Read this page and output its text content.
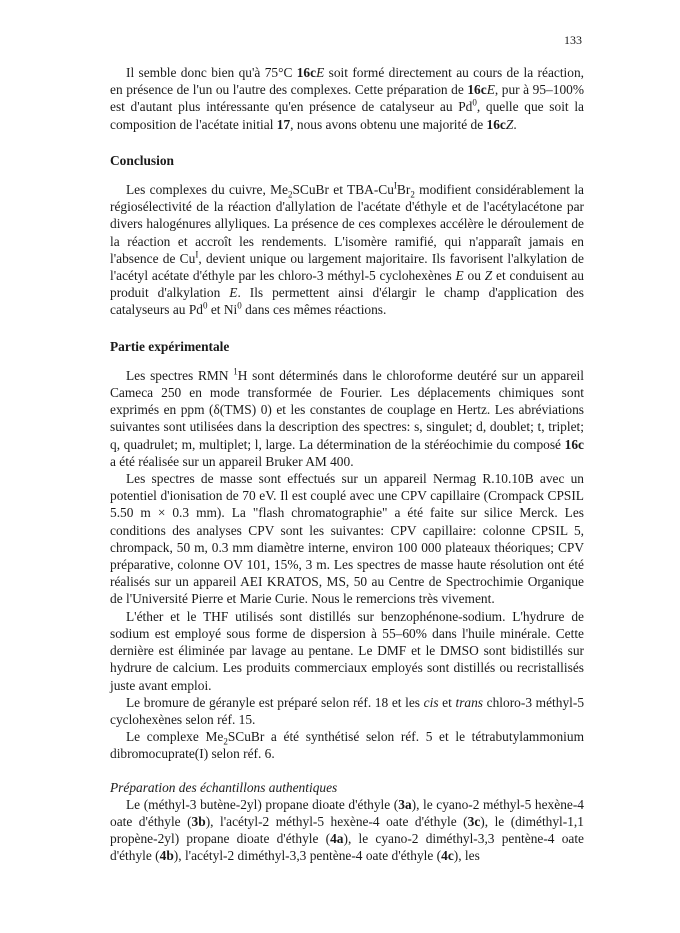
133

Il semble donc bien qu'à 75°C 16cE soit formé directement au cours de la réaction, en présence de l'un ou l'autre des complexes. Cette préparation de 16cE, pur à 95–100% est d'autant plus intéressante qu'en présence de catalyseur au Pd$^0$, quelle que soit la composition de l'acétate initial 17, nous avons obtenu une majorité de 16cZ.

Conclusion

Les complexes du cuivre, $Me_2SCuBr$ et TBA-$Cu^IBr_2$ modifient considérablement la régiosélectivité de la réaction d'allylation de l'acétate d'éthyle et de l'acétylacétone par divers halogénures allyliques. La présence de ces complexes accélère le déroulement de la réaction et accroît les rendements. L'isomère ramifié, qui n'apparaît jamais en l'absence de $Cu^I$, devient unique ou largement majoritaire. Ils favorisent l'alkylation de l'acétyl acétate d'éthyle par les chloro-3 méthyl-5 cyclohexènes E ou Z et conduisent au produit d'alkylation E. Ils permettent ainsi d'élargir le champ d'application des catalyseurs au Pd$^0$ et Ni$^0$ dans ces mêmes réactions.

Partie expérimentale

Les spectres RMN $^1$H sont déterminés dans le chloroforme deutéré sur un appareil Cameca 250 en mode transformée de Fourier. Les déplacements chimiques sont exprimés en ppm (δ(TMS) 0) et les constantes de couplage en Hertz. Les abréviations suivantes sont utilisées dans la description des spectres: s, singulet; d, doublet; t, triplet; q, quadrulet; m, multiplet; l, large. La détermination de la stéréochimie du composé 16c a été réalisée sur un appareil Bruker AM 400.

Les spectres de masse sont effectués sur un appareil Nermag R.10.10B avec un potentiel d'ionisation de 70 eV. Il est couplé avec une CPV capillaire (Crompack CPSIL 5.50 m × 0.3 mm). La "flash chromatographie" a été faite sur silice Merck. Les conditions des analyses CPV sont les suivantes: CPV capillaire: colonne CPSIL 5, chrompack, 50 m, 0.3 mm diamètre interne, environ 100 000 plateaux théoriques; CPV préparative, colonne OV 101, 15%, 3 m. Les spectres de masse haute résolution ont été réalisés sur un appareil AEI KRATOS, MS, 50 au Centre de Spectrochimie Organique de l'Université Pierre et Marie Curie. Nous le remercions très vivement.

L'éther et le THF utilisés sont distillés sur benzophénone-sodium. L'hydrure de sodium est employé sous forme de dispersion à 55–60% dans l'huile minérale. Cette dernière est éliminée par lavage au pentane. Le DMF et le DMSO sont bidistillés sur hydrure de calcium. Les produits commerciaux employés sont distillés ou recristallisés juste avant emploi.

Le bromure de géranyle est préparé selon réf. 18 et les cis et trans chloro-3 méthyl-5 cyclohexènes selon réf. 15.

Le complexe $Me_2SCuBr$ a été synthétisé selon réf. 5 et le tétrabutylammonium dibromocuprate(I) selon réf. 6.

Préparation des échantillons authentiques

Le (méthyl-3 butène-2yl) propane dioate d'éthyle (3a), le cyano-2 méthyl-5 hexène-4 oate d'éthyle (3b), l'acétyl-2 méthyl-5 hexène-4 oate d'éthyle (3c), le (diméthyl-1,1 propène-2yl) propane dioate d'éthyle (4a), le cyano-2 diméthyl-3,3 pentène-4 oate d'éthyle (4b), l'acétyl-2 diméthyl-3,3 pentène-4 oate d'éthyle (4c), les
